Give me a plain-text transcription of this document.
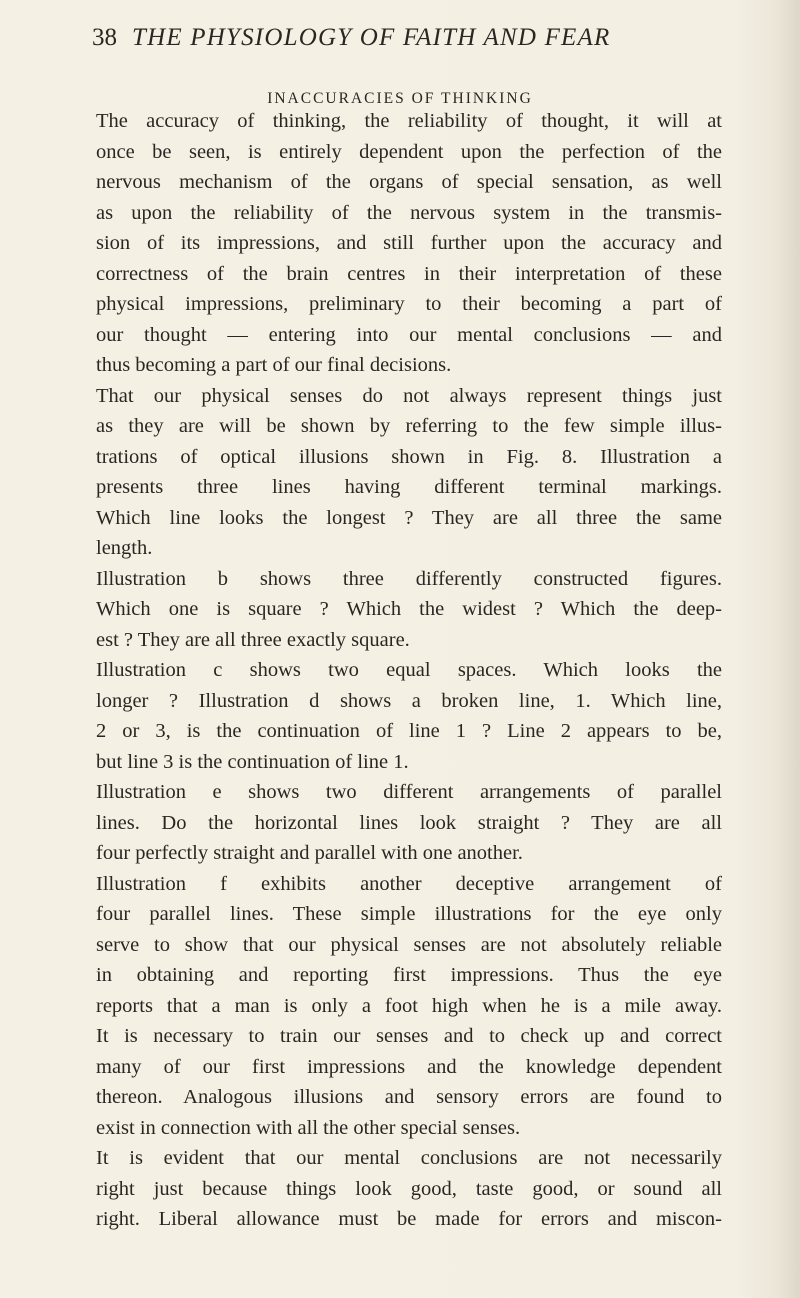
38 THE PHYSIOLOGY OF FAITH AND FEAR
INACCURACIES OF THINKING
The accuracy of thinking, the reliability of thought, it will at
once be seen, is entirely dependent upon the perfection of the
nervous mechanism of the organs of special sensation, as well
as upon the reliability of the nervous system in the transmis-
sion of its impressions, and still further upon the accuracy and
correctness of the brain centres in their interpretation of these
physical impressions, preliminary to their becoming a part of
our thought — entering into our mental conclusions — and
thus becoming a part of our final decisions.
That our physical senses do not always represent things just
as they are will be shown by referring to the few simple illus-
trations of optical illusions shown in Fig. 8. Illustration a
presents three lines having different terminal markings.
Which line looks the longest ? They are all three the same
length.
Illustration b shows three differently constructed figures.
Which one is square ? Which the widest ? Which the deep-
est ? They are all three exactly square.
Illustration c shows two equal spaces. Which looks the
longer ? Illustration d shows a broken line, 1. Which line,
2 or 3, is the continuation of line 1 ? Line 2 appears to be,
but line 3 is the continuation of line 1.
Illustration e shows two different arrangements of parallel
lines. Do the horizontal lines look straight ? They are all
four perfectly straight and parallel with one another.
Illustration f exhibits another deceptive arrangement of
four parallel lines. These simple illustrations for the eye only
serve to show that our physical senses are not absolutely reliable
in obtaining and reporting first impressions. Thus the eye
reports that a man is only a foot high when he is a mile away.
It is necessary to train our senses and to check up and correct
many of our first impressions and the knowledge dependent
thereon. Analogous illusions and sensory errors are found to
exist in connection with all the other special senses.
It is evident that our mental conclusions are not necessarily
right just because things look good, taste good, or sound all
right. Liberal allowance must be made for errors and miscon-
